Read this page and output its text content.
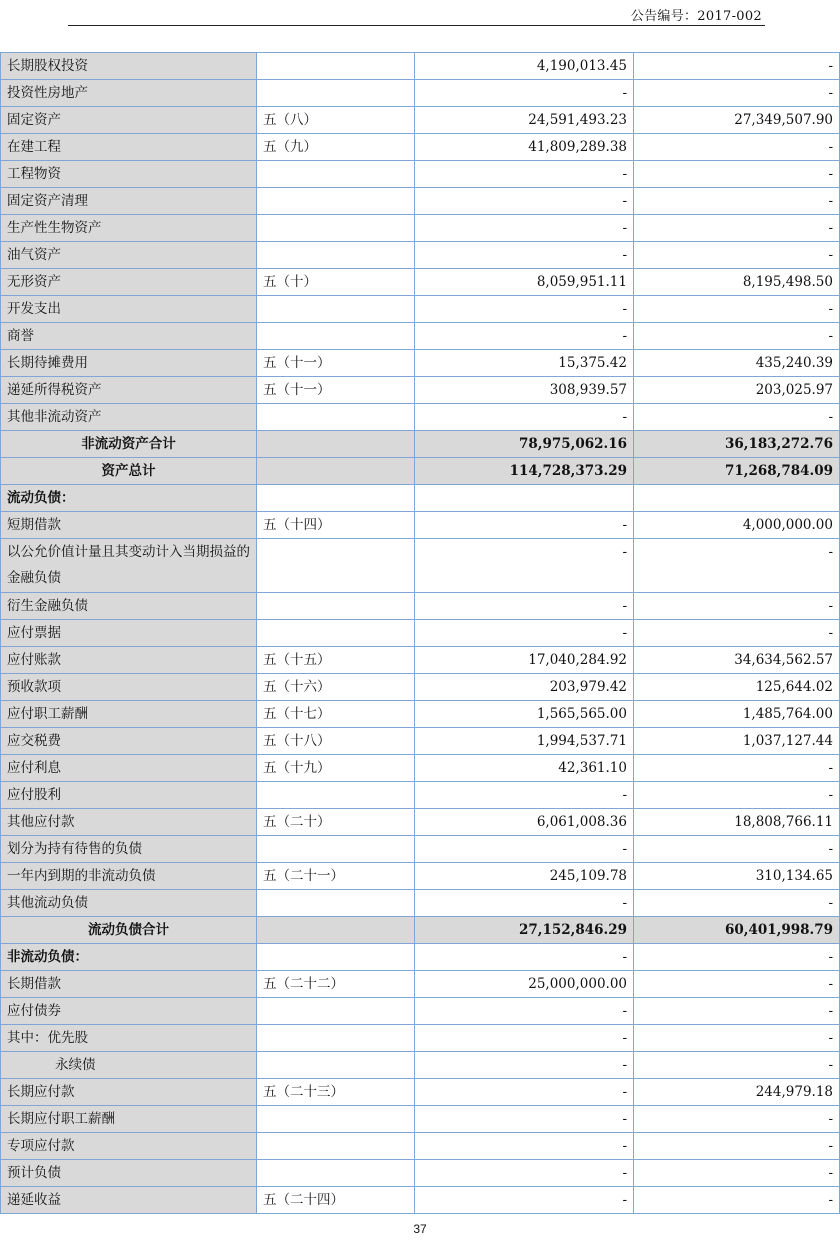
公告编号：2017-002
长期股权投资		4,190,013.45	-
投资性房地产		-	-
固定资产	五（八）	24,591,493.23	27,349,507.90
在建工程	五（九）	41,809,289.38	-
工程物资		-	-
固定资产清理		-	-
生产性生物资产		-	-
油气资产		-	-
无形资产	五（十）	8,059,951.11	8,195,498.50
开发支出		-	-
商誉		-	-
长期待摊费用	五（十一）	15,375.42	435,240.39
递延所得税资产	五（十一）	308,939.57	203,025.97
其他非流动资产		-	-
非流动资产合计		78,975,062.16	36,183,272.76
资产总计		114,728,373.29	71,268,784.09
流动负债：			
短期借款	五（十四）	-	4,000,000.00
以公允价值计量且其变动计入当期损益的金融负债		-	-
衍生金融负债		-	-
应付票据		-	-
应付账款	五（十五）	17,040,284.92	34,634,562.57
预收款项	五（十六）	203,979.42	125,644.02
应付职工薪酬	五（十七）	1,565,565.00	1,485,764.00
应交税费	五（十八）	1,994,537.71	1,037,127.44
应付利息	五（十九）	42,361.10	-
应付股利		-	-
其他应付款	五（二十）	6,061,008.36	18,808,766.11
划分为持有待售的负债		-	-
一年内到期的非流动负债	五（二十一）	245,109.78	310,134.65
其他流动负债		-	-
流动负债合计		27,152,846.29	60,401,998.79
非流动负债：		-	-
长期借款	五（二十二）	25,000,000.00	-
应付债券		-	-
其中：优先股		-	-
永续债		-	-
长期应付款	五（二十三）	-	244,979.18
长期应付职工薪酬		-	-
专项应付款		-	-
预计负债		-	-
递延收益	五（二十四）	-	-
37
